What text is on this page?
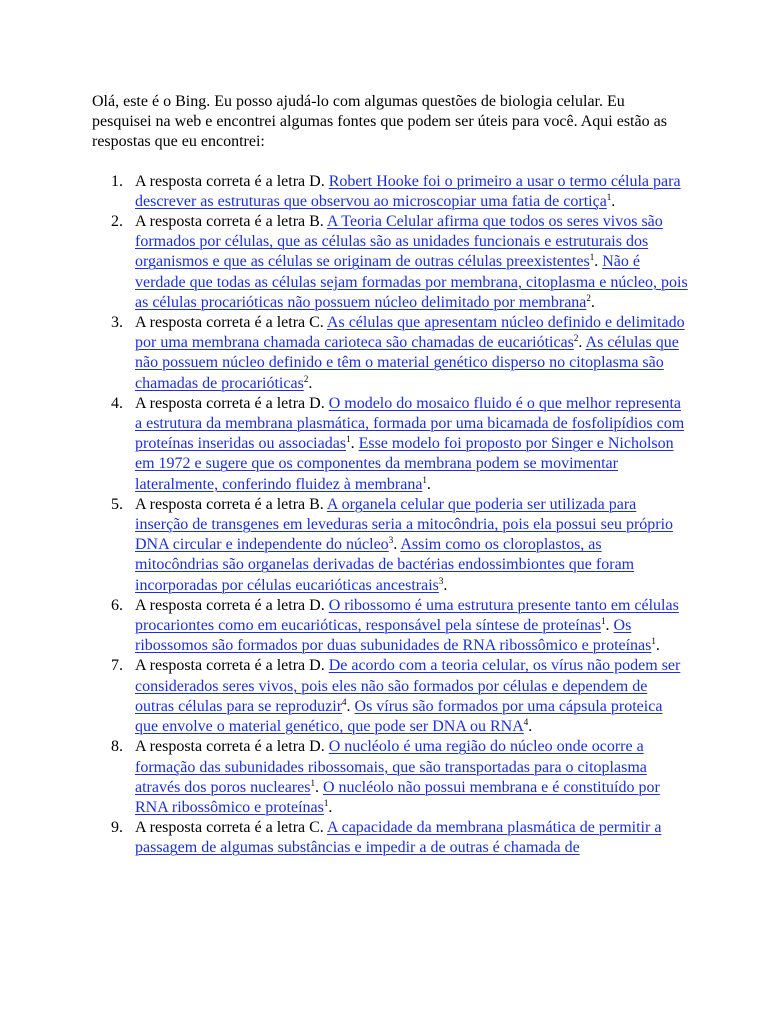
Olá, este é o Bing. Eu posso ajudá-lo com algumas questões de biologia celular. Eu pesquisei na web e encontrei algumas fontes que podem ser úteis para você. Aqui estão as respostas que eu encontrei:

1. A resposta correta é a letra D. Robert Hooke foi o primeiro a usar o termo célula para descrever as estruturas que observou ao microscopiar uma fatia de cortiça$^1$.
2. A resposta correta é a letra B. A Teoria Celular afirma que todos os seres vivos são formados por células, que as células são as unidades funcionais e estruturais dos organismos e que as células se originam de outras células preexistentes$^1$. Não é verdade que todas as células sejam formadas por membrana, citoplasma e núcleo, pois as células procarióticas não possuem núcleo delimitado por membrana$^2$.
3. A resposta correta é a letra C. As células que apresentam núcleo definido e delimitado por uma membrana chamada carioteca são chamadas de eucarióticas$^2$. As células que não possuem núcleo definido e têm o material genético disperso no citoplasma são chamadas de procarióticas$^2$.
4. A resposta correta é a letra D. O modelo do mosaico fluido é o que melhor representa a estrutura da membrana plasmática, formada por uma bicamada de fosfolipídios com proteínas inseridas ou associadas$^1$. Esse modelo foi proposto por Singer e Nicholson em 1972 e sugere que os componentes da membrana podem se movimentar lateralmente, conferindo fluidez à membrana$^1$.
5. A resposta correta é a letra B. A organela celular que poderia ser utilizada para inserção de transgenes em leveduras seria a mitocôndria, pois ela possui seu próprio DNA circular e independente do núcleo$^3$. Assim como os cloroplastos, as mitocôndrias são organelas derivadas de bactérias endossimbiontes que foram incorporadas por células eucarióticas ancestrais$^3$.
6. A resposta correta é a letra D. O ribossomo é uma estrutura presente tanto em células procariontes como em eucarióticas, responsável pela síntese de proteínas$^1$. Os ribossomos são formados por duas subunidades de RNA ribossômico e proteínas$^1$.
7. A resposta correta é a letra D. De acordo com a teoria celular, os vírus não podem ser considerados seres vivos, pois eles não são formados por células e dependem de outras células para se reproduzir$^4$. Os vírus são formados por uma cápsula proteica que envolve o material genético, que pode ser DNA ou RNA$^4$.
8. A resposta correta é a letra D. O nucléolo é uma região do núcleo onde ocorre a formação das subunidades ribossomais, que são transportadas para o citoplasma através dos poros nucleares$^1$. O nucléolo não possui membrana e é constituído por RNA ribossômico e proteínas$^1$.
9. A resposta correta é a letra C. A capacidade da membrana plasmática de permitir a passagem de algumas substâncias e impedir a de outras é chamada de
